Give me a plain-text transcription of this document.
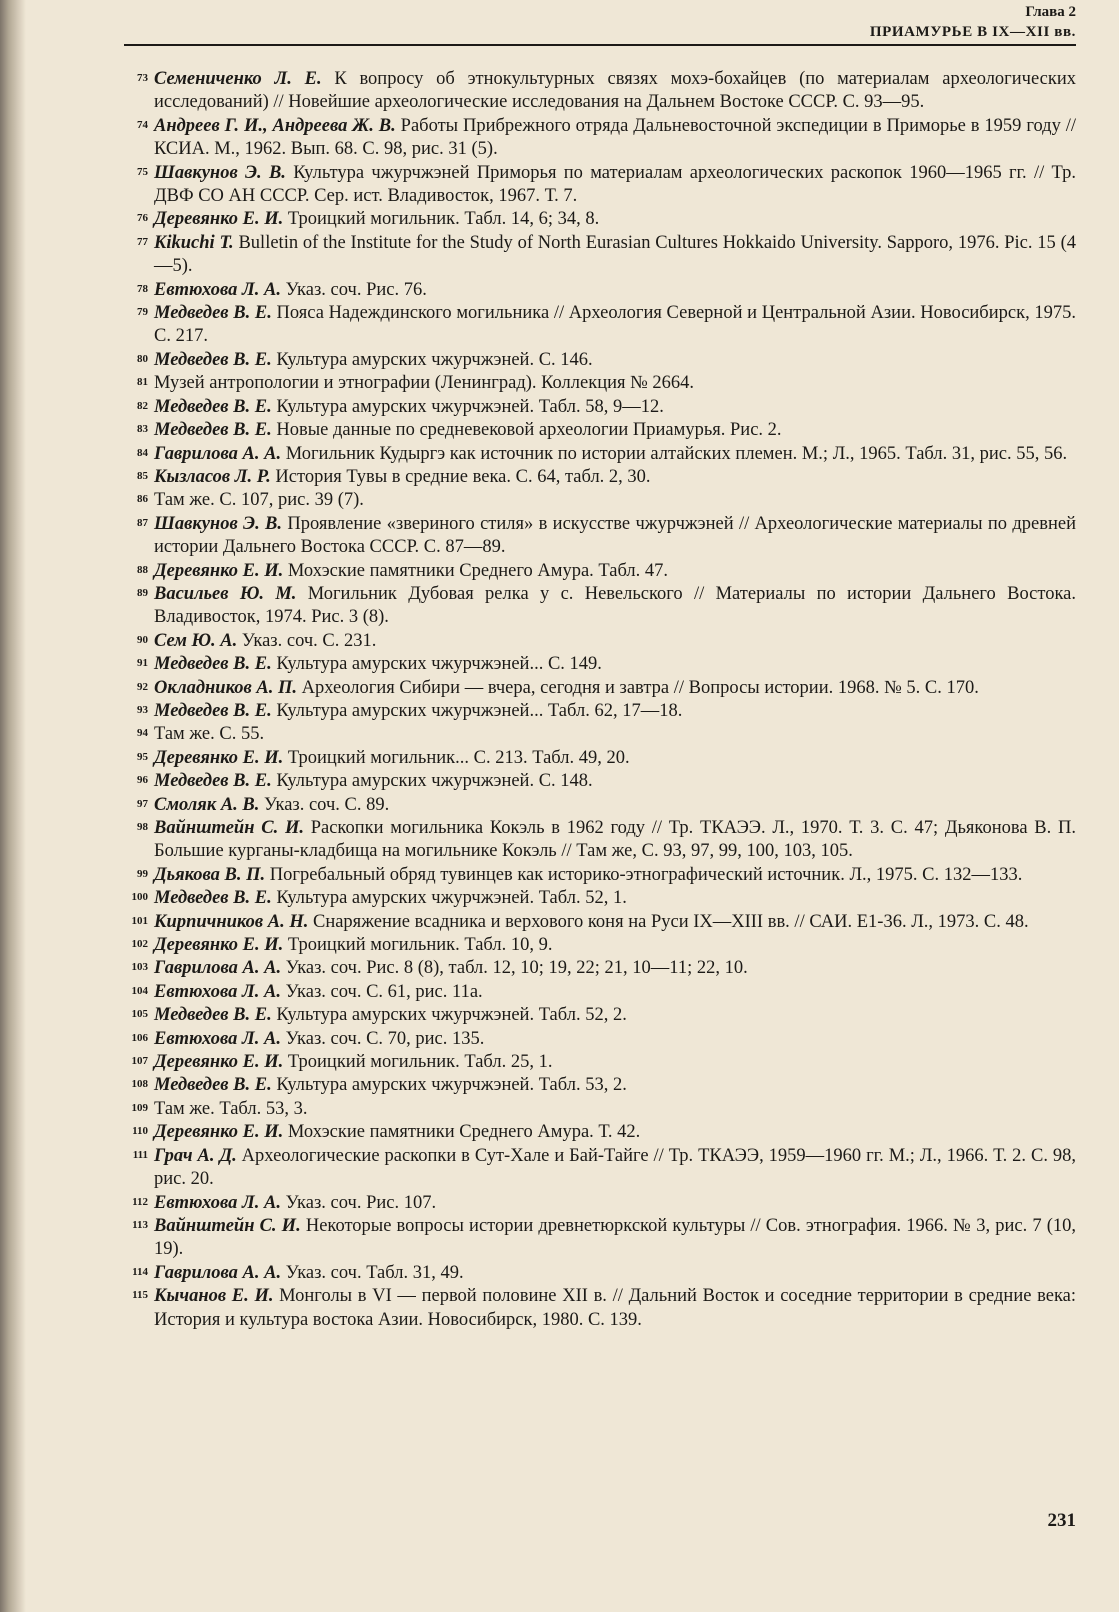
Глава 2
ПРИАМУРЬЕ В IX—XII вв.
73 Семениченко Л. Е. К вопросу об этнокультурных связях мохэ-бохайцев (по материалам археологических исследований) // Новейшие археологические исследования на Дальнем Востоке СССР. С. 93—95.
74 Андреев Г. И., Андреева Ж. В. Работы Прибрежного отряда Дальневосточной экспедиции в Приморье в 1959 году // КСИА. М., 1962. Вып. 68. С. 98, рис. 31 (5).
75 Шавкунов Э. В. Культура чжурчжэней Приморья по материалам археологических раскопок 1960—1965 гг. // Тр. ДВФ СО АН СССР. Сер. ист. Владивосток, 1967. Т. 7.
76 Деревянко Е. И. Троицкий могильник. Табл. 14, 6; 34, 8.
77 Kikuchi T. Bulletin of the Institute for the Study of North Eurasian Cultures Hokkaido University. Sapporo, 1976. Pic. 15 (4—5).
78 Евтюхова Л. А. Указ. соч. Рис. 76.
79 Медведев В. Е. Пояса Надеждинского могильника // Археология Северной и Центральной Азии. Новосибирск, 1975. С. 217.
80 Медведев В. Е. Культура амурских чжурчжэней. С. 146.
81 Музей антропологии и этнографии (Ленинград). Коллекция № 2664.
82 Медведев В. Е. Культура амурских чжурчжэней. Табл. 58, 9—12.
83 Медведев В. Е. Новые данные по средневековой археологии Приамурья. Рис. 2.
84 Гаврилова А. А. Могильник Кудыргэ как источник по истории алтайских племен. М.; Л., 1965. Табл. 31, рис. 55, 56.
85 Кызласов Л. Р. История Тувы в средние века. С. 64, табл. 2, 30.
86 Там же. С. 107, рис. 39 (7).
87 Шавкунов Э. В. Проявление «звериного стиля» в искусстве чжурчжэней // Археологические материалы по древней истории Дальнего Востока СССР. С. 87—89.
88 Деревянко Е. И. Мохэские памятники Среднего Амура. Табл. 47.
89 Васильев Ю. М. Могильник Дубовая релка у с. Невельского // Материалы по истории Дальнего Востока. Владивосток, 1974. Рис. 3 (8).
90 Сем Ю. А. Указ. соч. С. 231.
91 Медведев В. Е. Культура амурских чжурчжэней... С. 149.
92 Окладников А. П. Археология Сибири — вчера, сегодня и завтра // Вопросы истории. 1968. № 5. С. 170.
93 Медведев В. Е. Культура амурских чжурчжэней... Табл. 62, 17—18.
94 Там же. С. 55.
95 Деревянко Е. И. Троицкий могильник... С. 213. Табл. 49, 20.
96 Медведев В. Е. Культура амурских чжурчжэней. С. 148.
97 Смоляк А. В. Указ. соч. С. 89.
98 Вайнштейн С. И. Раскопки могильника Кокэль в 1962 году // Тр. ТКАЭЭ. Л., 1970. Т. 3. С. 47; Дьяконова В. П. Большие курганы-кладбища на могильнике Кокэль // Там же, С. 93, 97, 99, 100, 103, 105.
99 Дьякова В. П. Погребальный обряд тувинцев как историко-этнографический источник. Л., 1975. С. 132—133.
100 Медведев В. Е. Культура амурских чжурчжэней. Табл. 52, 1.
101 Кирпичников А. Н. Снаряжение всадника и верхового коня на Руси IX—XIII вв. // САИ. Е1-36. Л., 1973. С. 48.
102 Деревянко Е. И. Троицкий могильник. Табл. 10, 9.
103 Гаврилова А. А. Указ. соч. Рис. 8 (8), табл. 12, 10; 19, 22; 21, 10—11; 22, 10.
104 Евтюхова Л. А. Указ. соч. С. 61, рис. 11а.
105 Медведев В. Е. Культура амурских чжурчжэней. Табл. 52, 2.
106 Евтюхова Л. А. Указ. соч. С. 70, рис. 135.
107 Деревянко Е. И. Троицкий могильник. Табл. 25, 1.
108 Медведев В. Е. Культура амурских чжурчжэней. Табл. 53, 2.
109 Там же. Табл. 53, 3.
110 Деревянко Е. И. Мохэские памятники Среднего Амура. Т. 42.
111 Грач А. Д. Археологические раскопки в Сут-Хале и Бай-Тайге // Тр. ТКАЭЭ, 1959—1960 гг. М.; Л., 1966. Т. 2. С. 98, рис. 20.
112 Евтюхова Л. А. Указ. соч. Рис. 107.
113 Вайнштейн С. И. Некоторые вопросы истории древнетюркской культуры // Сов. этнография. 1966. № 3, рис. 7 (10, 19).
114 Гаврилова А. А. Указ. соч. Табл. 31, 49.
115 Кычанов Е. И. Монголы в VI — первой половине XII в. // Дальний Восток и соседние территории в средние века: История и культура востока Азии. Новосибирск, 1980. С. 139.
231
